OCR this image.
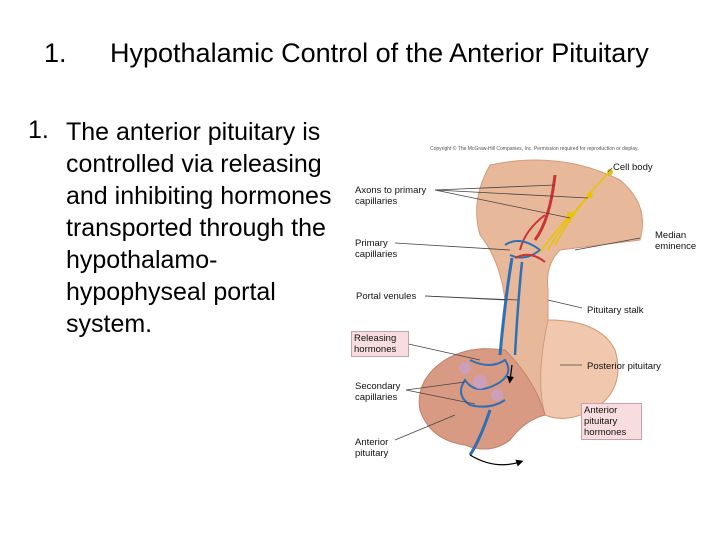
1. Hypothalamic Control of the Anterior Pituitary
1. The anterior pituitary is controlled via releasing and inhibiting hormones transported through the hypothalamo-hypophyseal portal system.
Copyright © The McGraw-Hill Companies, Inc. Permission required for reproduction or display.
Cell body
Axons to primary capillaries
Median eminence
Primary capillaries
Portal venules
Pituitary stalk
Releasing hormones
Posterior pituitary
Secondary capillaries
Anterior pituitary hormones
Anterior pituitary
